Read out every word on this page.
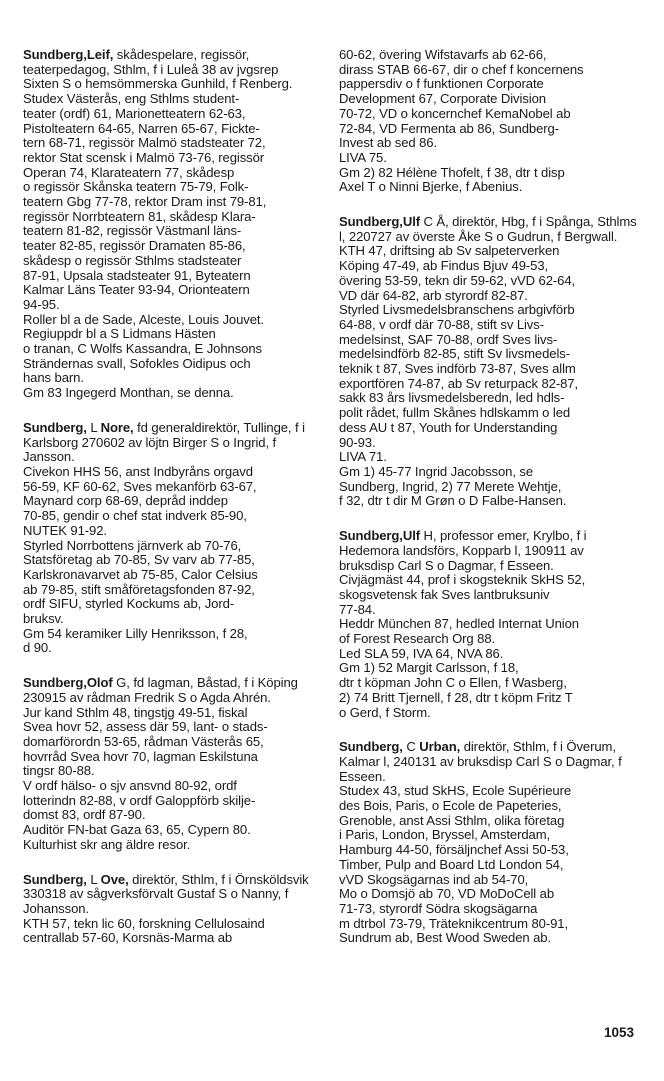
Sundberg,Leif, skådespelare, regissör, teaterpedagog, Sthlm, f i Luleå 38 av jvgsrep Sixten S o hemsömmerska Gunhild, f Renberg.

Studex Västerås, eng Sthlms student-
teater (ordf) 61, Marionetteatern 62-63,
Pistolteatern 64-65, Narren 65-67, Fickte-
tern 68-71, regissör Malmö stadsteater 72,
rektor Stat scensk i Malmö 73-76, regissör
Operan 74, Klarateatern 77, skådesp
o regissör Skånska teatern 75-79, Folk-
teatern Gbg 77-78, rektor Dram inst 79-81,
regissör Norrbteatern 81, skådesp Klara-
teatern 81-82, regissör Västmanl läns-
teater 82-85, regissör Dramaten 85-86,
skådesp o regissör Sthlms stadsteater
87-91, Upsala stadsteater 91, Byteatern
Kalmar Läns Teater 93-94, Orionteatern
94-95.

Roller bl a de Sade, Alceste, Louis Jouvet.
Regiuppdr bl a S Lidmans Hästen
o tranan, C Wolfs Kassandra, E Johnsons
Strändernas svall, Sofokles Oidipus och
hans barn.

Gm 83 Ingegerd Monthan, se denna.

Sundberg, L Nore, fd generaldirektör, Tullinge, f i Karlsborg 270602 av löjtn Birger S o Ingrid, f Jansson.

Civekon HHS 56, anst Indbyråns orgavd
56-59, KF 60-62, Sves mekanförb 63-67,
Maynard corp 68-69, depråd inddep
70-85, gendir o chef stat indverk 85-90,
NUTEK 91-92.

Styrled Norrbottens järnverk ab 70-76,
Statsföretag ab 70-85, Sv varv ab 77-85,
Karlskronavarvet ab 75-85, Calor Celsius
ab 79-85, stift småföretagsfonden 87-92,
ordf SIFU, styrled Kockums ab, Jord-
bruksv.

Gm 54 keramiker Lilly Henriksson, f 28,
d 90.

Sundberg,Olof G, fd lagman, Båstad, f i Köping 230915 av rådman Fredrik S o Agda Ahrén.

Jur kand Sthlm 48, tingstjg 49-51, fiskal
Svea hovr 52, assess där 59, lant- o stads-
domarförordn 53-65, rådman Västerås 65,
hovrråd Svea hovr 70, lagman Eskilstuna
tingsr 80-88.

V ordf hälso- o sjv ansvnd 80-92, ordf
lotterindn 82-88, v ordf Galoppförb skilje-
domst 83, ordf 87-90.

Auditör FN-bat Gaza 63, 65, Cypern 80.
Kulturhist skr ang äldre resor.

Sundberg, L Ove, direktör, Sthlm, f i Örnsköldsvik 330318 av sågverksförvalt Gustaf S o Nanny, f Johansson.

KTH 57, tekn lic 60, forskning Cellulosaind
centrallab 57-60, Korsnäs-Marma ab

60-62, övering Wifstavarfs ab 62-66,
dirass STAB 66-67, dir o chef f koncernens
pappersdiv o f funktionen Corporate
Development 67, Corporate Division
70-72, VD o koncernchef KemaNobel ab
72-84, VD Fermenta ab 86, Sundberg-
Invest ab sed 86.

LIVA 75.

Gm 2) 82 Hélène Thofelt, f 38, dtr t disp
Axel T o Ninni Bjerke, f Abenius.

Sundberg,Ulf C Å, direktör, Hbg, f i Spånga, Sthlms l, 220727 av överste Åke S o Gudrun, f Bergwall.

KTH 47, driftsing ab Sv salpeterverken
Köping 47-49, ab Findus Bjuv 49-53,
övering 53-59, tekn dir 59-62, vVD 62-64,
VD där 64-82, arb styrordf 82-87.
Styrled Livsmedelsbranschens arbgivförb
64-88, v ordf där 70-88, stift sv Livs-
medelsinst, SAF 70-88, ordf Sves livs-
medelsindförb 82-85, stift Sv livsmedels-
teknik t 87, Sves indförb 73-87, Sves allm
exportfören 74-87, ab Sv returpack 82-87,
sakk 83 års livsmedelsberedn, led hdls-
polit rådet, fullm Skånes hdlskamm o led
dess AU t 87, Youth for Understanding
90-93.

LIVA 71.

Gm 1) 45-77 Ingrid Jacobsson, se
Sundberg, Ingrid, 2) 77 Merete Wehtje,
f 32, dtr t dir M Grøn o D Falbe-Hansen.

Sundberg,Ulf H, professor emer, Krylbo, f i Hedemora landsförs, Kopparb l, 190911 av bruksdisp Carl S o Dagmar, f Esseen.

Civjägmäst 44, prof i skogsteknik SkHS 52,
skogsvetensk fak Sves lantbruksuniv
77-84.

Heddr München 87, hedled Internat Union
of Forest Research Org 88.

Led SLA 59, IVA 64, NVA 86.

Gm 1) 52 Margit Carlsson, f 18,
dtr t köpman John C o Ellen, f Wasberg,
2) 74 Britt Tjernell, f 28, dtr t köpm Fritz T
o Gerd, f Storm.

Sundberg, C Urban, direktör, Sthlm, f i Överum, Kalmar l, 240131 av bruksdisp Carl S o Dagmar, f Esseen.

Studex 43, stud SkHS, Ecole Supérieure
des Bois, Paris, o Ecole de Papeteries,
Grenoble, anst Assi Sthlm, olika företag
i Paris, London, Bryssel, Amsterdam,
Hamburg 44-50, försäljnchef Assi 50-53,
Timber, Pulp and Board Ltd London 54,
vVD Skogsägarnas ind ab 54-70,
Mo o Domsjö ab 70, VD MoDoCell ab
71-73, styrordf Södra skogsägarna
m dtrbol 73-79, Träteknikcentrum 80-91,
Sundrum ab, Best Wood Sweden ab.

1053
